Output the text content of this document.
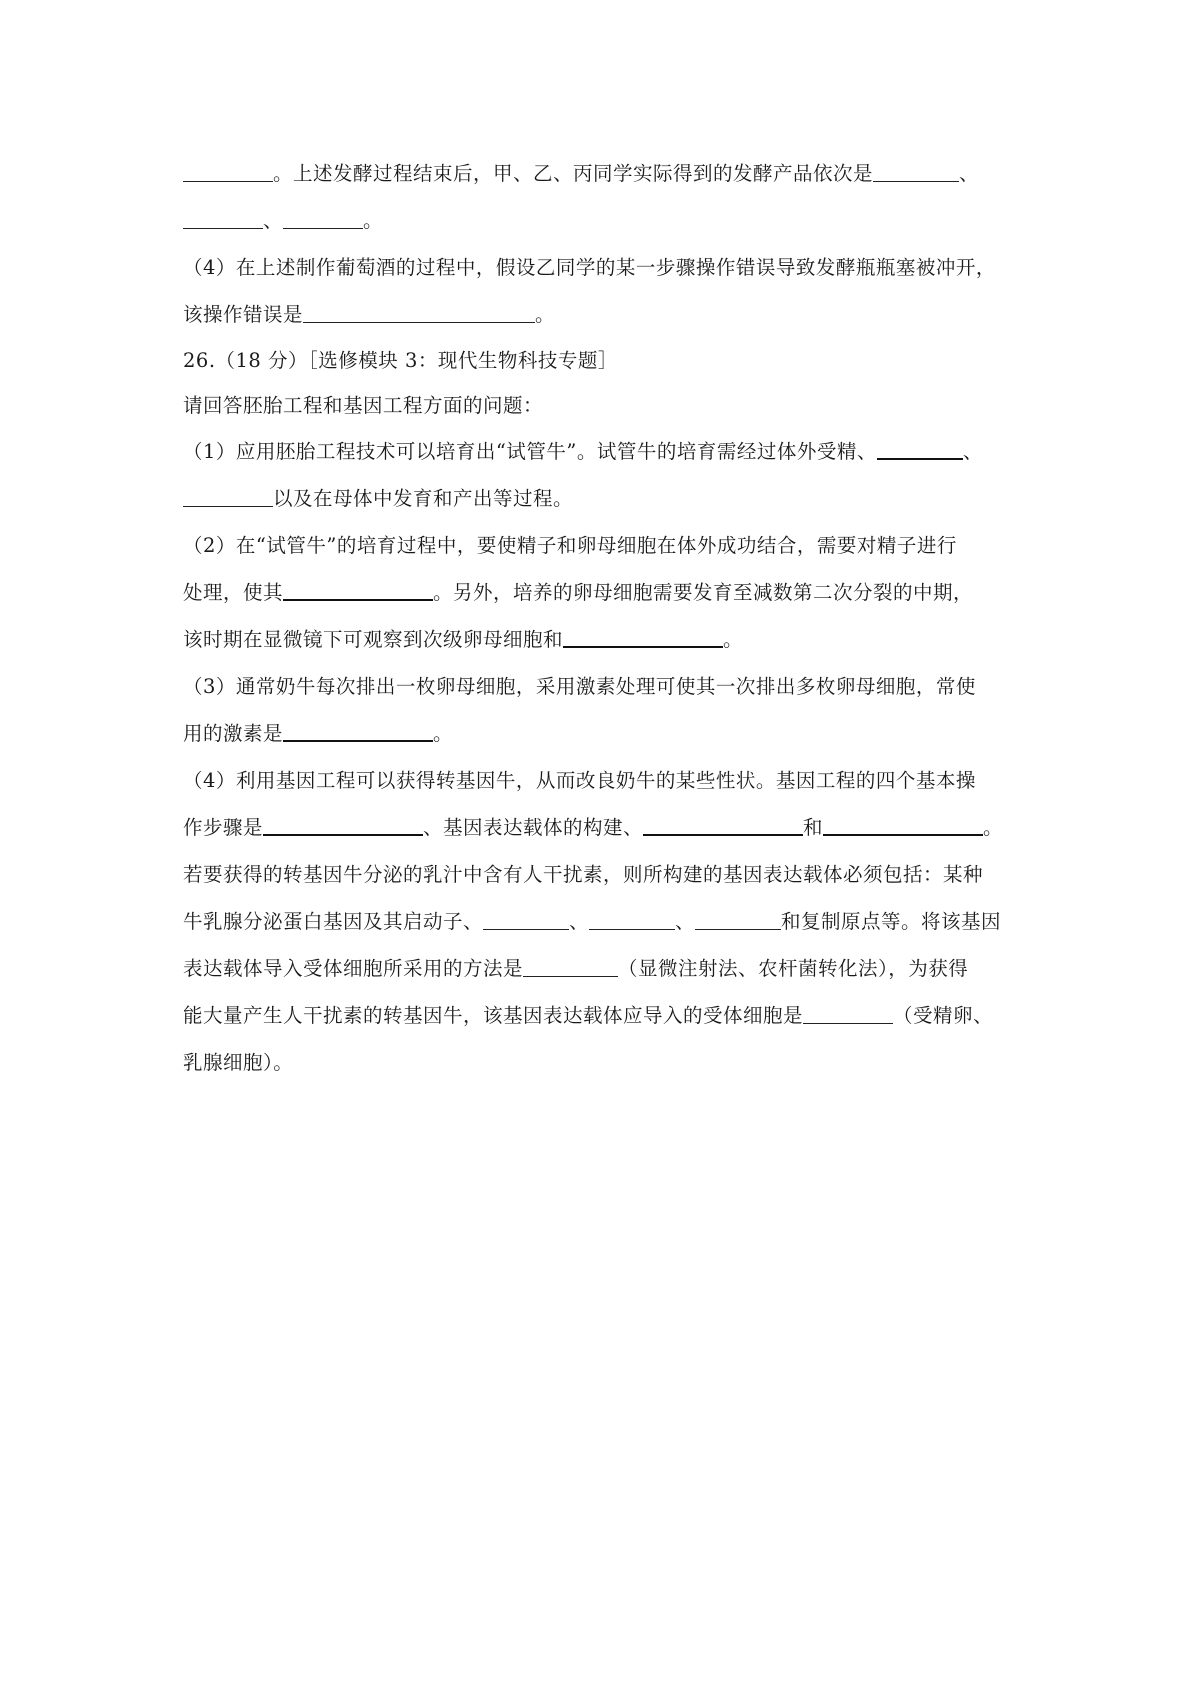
。上述发酵过程结束后，甲、乙、丙同学实际得到的发酵产品依次是	、
、	。
（4）在上述制作葡萄酒的过程中，假设乙同学的某一步骤操作错误导致发酵瓶瓶塞被冲开，
该操作错误是	。
26.（18 分）［选修模块 3：现代生物科技专题］
请回答胚胎工程和基因工程方面的问题：
（1）应用胚胎工程技术可以培育出“试管牛”。试管牛的培育需经过体外受精、	、
以及在母体中发育和产出等过程。
（2）在“试管牛”的培育过程中，要使精子和卵母细胞在体外成功结合，需要对精子进行
处理，使其	。另外，培养的卵母细胞需要发育至减数第二次分裂的中期，
该时期在显微镜下可观察到次级卵母细胞和	。
（3）通常奶牛每次排出一枚卵母细胞，采用激素处理可使其一次排出多枚卵母细胞，常使
用的激素是	。
（4）利用基因工程可以获得转基因牛，从而改良奶牛的某些性状。基因工程的四个基本操
作步骤是	、基因表达载体的构建、	和	。
若要获得的转基因牛分泌的乳汁中含有人干扰素，则所构建的基因表达载体必须包括：某种
牛乳腺分泌蛋白基因及其启动子、	、	、	和复制原点等。将该基因
表达载体导入受体细胞所采用的方法是	（显微注射法、农杆菌转化法），为获得
能大量产生人干扰素的转基因牛，该基因表达载体应导入的受体细胞是	（受精卵、
乳腺细胞）。
